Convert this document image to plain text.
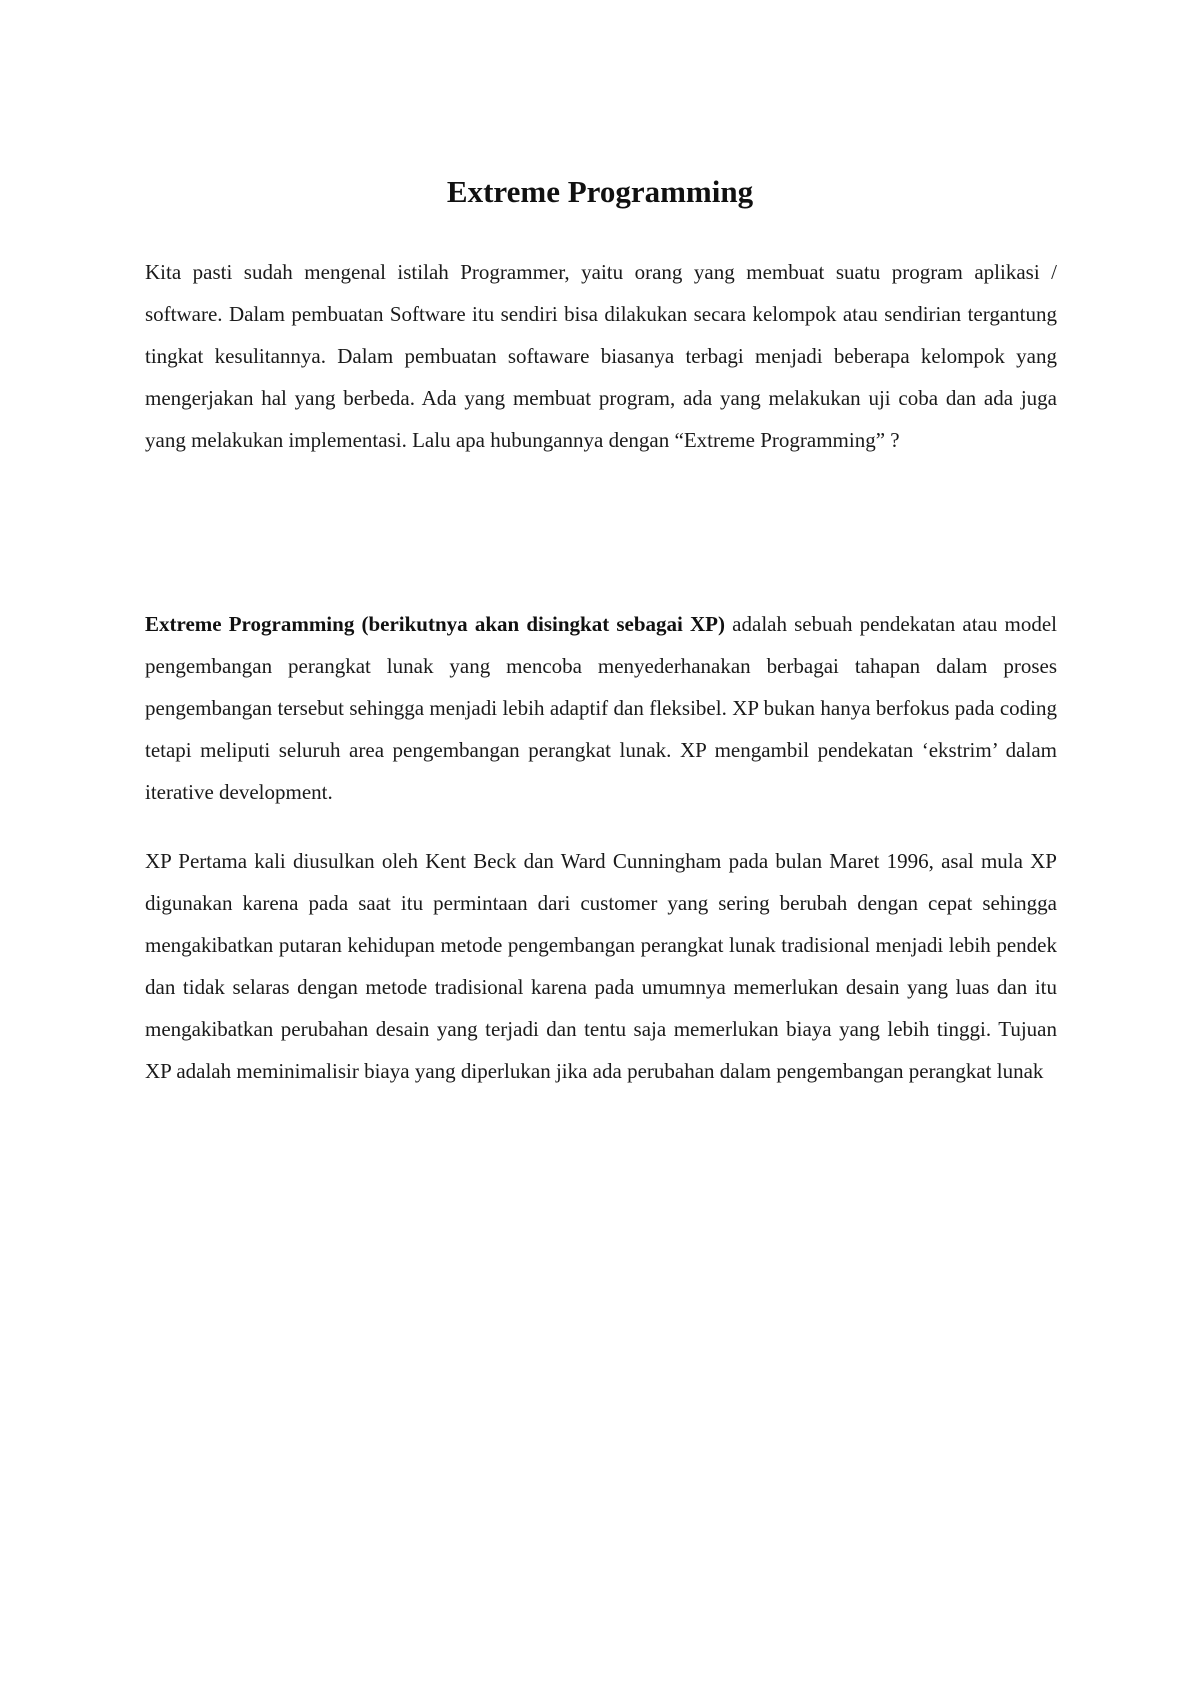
Extreme Programming

Kita pasti sudah mengenal istilah Programmer, yaitu orang yang membuat suatu program aplikasi / software. Dalam pembuatan Software itu sendiri bisa dilakukan secara kelompok atau sendirian tergantung tingkat kesulitannya. Dalam pembuatan softaware biasanya terbagi menjadi beberapa kelompok yang mengerjakan hal yang berbeda. Ada yang membuat program, ada yang melakukan uji coba dan ada juga yang melakukan implementasi. Lalu apa hubungannya dengan “Extreme Programming” ?

Extreme Programming (berikutnya akan disingkat sebagai XP) adalah sebuah pendekatan atau model pengembangan perangkat lunak yang mencoba menyederhanakan berbagai tahapan dalam proses pengembangan tersebut sehingga menjadi lebih adaptif dan fleksibel. XP bukan hanya berfokus pada coding tetapi meliputi seluruh area pengembangan perangkat lunak. XP mengambil pendekatan ‘ekstrim’ dalam iterative development.

XP Pertama kali diusulkan oleh Kent Beck dan Ward Cunningham pada bulan Maret 1996, asal mula XP digunakan karena pada saat itu permintaan dari customer yang sering berubah dengan cepat sehingga mengakibatkan putaran kehidupan metode pengembangan perangkat lunak tradisional menjadi lebih pendek dan tidak selaras dengan metode tradisional karena pada umumnya memerlukan desain yang luas dan itu mengakibatkan perubahan desain yang terjadi dan tentu saja memerlukan biaya yang lebih tinggi. Tujuan XP adalah meminimalisir biaya yang diperlukan jika ada perubahan dalam pengembangan perangkat lunak
